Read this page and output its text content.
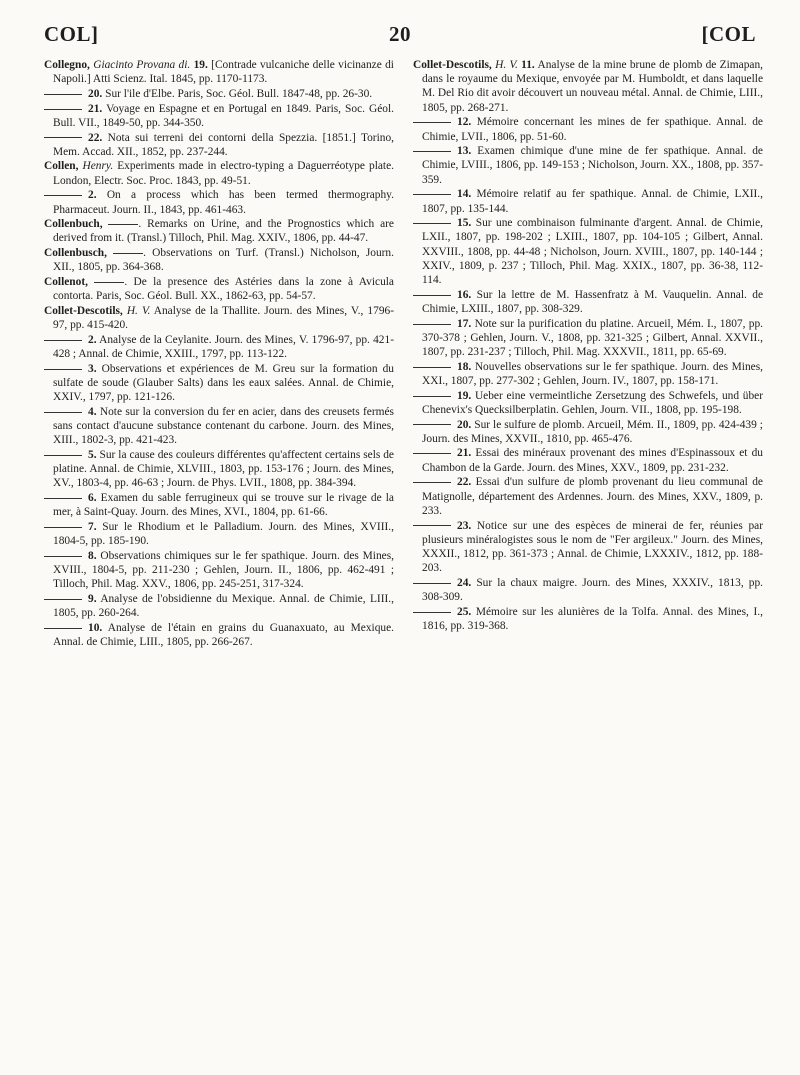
COL]	20	[COL

Collegno, Giacinto Provana di. 19. [Contrade vulcaniche delle vicinanze di Napoli.] Atti Scienz. Ital. 1845, pp. 1170-1173.

20. Sur l'ile d'Elbe. Paris, Soc. Géol. Bull. 1847-48, pp. 26-30.

21. Voyage en Espagne et en Portugal en 1849. Paris, Soc. Géol. Bull. VII., 1849-50, pp. 344-350.

22. Nota sui terreni dei contorni della Spezzia. [1851.] Torino, Mem. Accad. XII., 1852, pp. 237-244.

Collen, Henry. Experiments made in electro-typing a Daguerréotype plate. London, Electr. Soc. Proc. 1843, pp. 49-51.

2. On a process which has been termed thermography. Pharmaceut. Journ. II., 1843, pp. 461-463.

Collenbuch,	. Remarks on Urine, and the Prognostics which are derived from it. (Transl.) Tilloch, Phil. Mag. XXIV., 1806, pp. 44-47.

Collenbusch,	. Observations on Turf. (Transl.) Nicholson, Journ. XII., 1805, pp. 364-368.

Collenot,	. De la presence des Astéries dans la zone à Avicula contorta. Paris, Soc. Géol. Bull. XX., 1862-63, pp. 54-57.

Collet-Descotils, H. V. Analyse de la Thallite. Journ. des Mines, V., 1796-97, pp. 415-420.

2. Analyse de la Ceylanite. Journ. des Mines, V. 1796-97, pp. 421-428 ; Annal. de Chimie, XXIII., 1797, pp. 113-122.

3. Observations et expériences de M. Greu sur la formation du sulfate de soude (Glauber Salts) dans les eaux salées. Annal. de Chimie, XXIV., 1797, pp. 121-126.

4. Note sur la conversion du fer en acier, dans des creusets fermés sans contact d'aucune substance contenant du carbone. Journ. des Mines, XIII., 1802-3, pp. 421-423.

5. Sur la cause des couleurs différentes qu'affectent certains sels de platine. Annal. de Chimie, XLVIII., 1803, pp. 153-176 ; Journ. des Mines, XV., 1803-4, pp. 46-63 ; Journ. de Phys. LVII., 1808, pp. 384-394.

6. Examen du sable ferrugineux qui se trouve sur le rivage de la mer, à Saint-Quay. Journ. des Mines, XVI., 1804, pp. 61-66.

7. Sur le Rhodium et le Palladium. Journ. des Mines, XVIII., 1804-5, pp. 185-190.

8. Observations chimiques sur le fer spathique. Journ. des Mines, XVIII., 1804-5, pp. 211-230 ; Gehlen, Journ. II., 1806, pp. 462-491 ; Tilloch, Phil. Mag. XXV., 1806, pp. 245-251, 317-324.

9. Analyse de l'obsidienne du Mexique. Annal. de Chimie, LIII., 1805, pp. 260-264.

10. Analyse de l'étain en grains du Guanaxuato, au Mexique. Annal. de Chimie, LIII., 1805, pp. 266-267.

Collet-Descotils, H. V. 11. Analyse de la mine brune de plomb de Zimapan, dans le royaume du Mexique, envoyée par M. Humboldt, et dans laquelle M. Del Rio dit avoir découvert un nouveau métal. Annal. de Chimie, LIII., 1805, pp. 268-271.

12. Mémoire concernant les mines de fer spathique. Annal. de Chimie, LVII., 1806, pp. 51-60.

13. Examen chimique d'une mine de fer spathique. Annal. de Chimie, LVIII., 1806, pp. 149-153 ; Nicholson, Journ. XX., 1808, pp. 357-359.

14. Mémoire relatif au fer spathique. Annal. de Chimie, LXII., 1807, pp. 135-144.

15. Sur une combinaison fulminante d'argent. Annal. de Chimie, LXII., 1807, pp. 198-202 ; LXIII., 1807, pp. 104-105 ; Gilbert, Annal. XXVIII., 1808, pp. 44-48 ; Nicholson, Journ. XVIII., 1807, pp. 140-144 ; XXIV., 1809, p. 237 ; Tilloch, Phil. Mag. XXIX., 1807, pp. 36-38, 112-114.

16. Sur la lettre de M. Hassenfratz à M. Vauquelin. Annal. de Chimie, LXIII., 1807, pp. 308-329.

17. Note sur la purification du platine. Arcueil, Mém. I., 1807, pp. 370-378 ; Gehlen, Journ. V., 1808, pp. 321-325 ; Gilbert, Annal. XXVII., 1807, pp. 231-237 ; Tilloch, Phil. Mag. XXXVII., 1811, pp. 65-69.

18. Nouvelles observations sur le fer spathique. Journ. des Mines, XXI., 1807, pp. 277-302 ; Gehlen, Journ. IV., 1807, pp. 158-171.

19. Ueber eine vermeintliche Zersetzung des Schwefels, und über Chenevix's Quecksilberplatin. Gehlen, Journ. VII., 1808, pp. 195-198.

20. Sur le sulfure de plomb. Arcueil, Mém. II., 1809, pp. 424-439 ; Journ. des Mines, XXVII., 1810, pp. 465-476.

21. Essai des minéraux provenant des mines d'Espinassoux et du Chambon de la Garde. Journ. des Mines, XXV., 1809, pp. 231-232.

22. Essai d'un sulfure de plomb provenant du lieu communal de Matignolle, département des Ardennes. Journ. des Mines, XXV., 1809, p. 233.

23. Notice sur une des espèces de minerai de fer, réunies par plusieurs minéralogistes sous le nom de "Fer argileux." Journ. des Mines, XXXII., 1812, pp. 361-373 ; Annal. de Chimie, LXXXIV., 1812, pp. 188-203.

24. Sur la chaux maigre. Journ. des Mines, XXXIV., 1813, pp. 308-309.

25. Mémoire sur les alunières de la Tolfa. Annal. des Mines, I., 1816, pp. 319-368.
